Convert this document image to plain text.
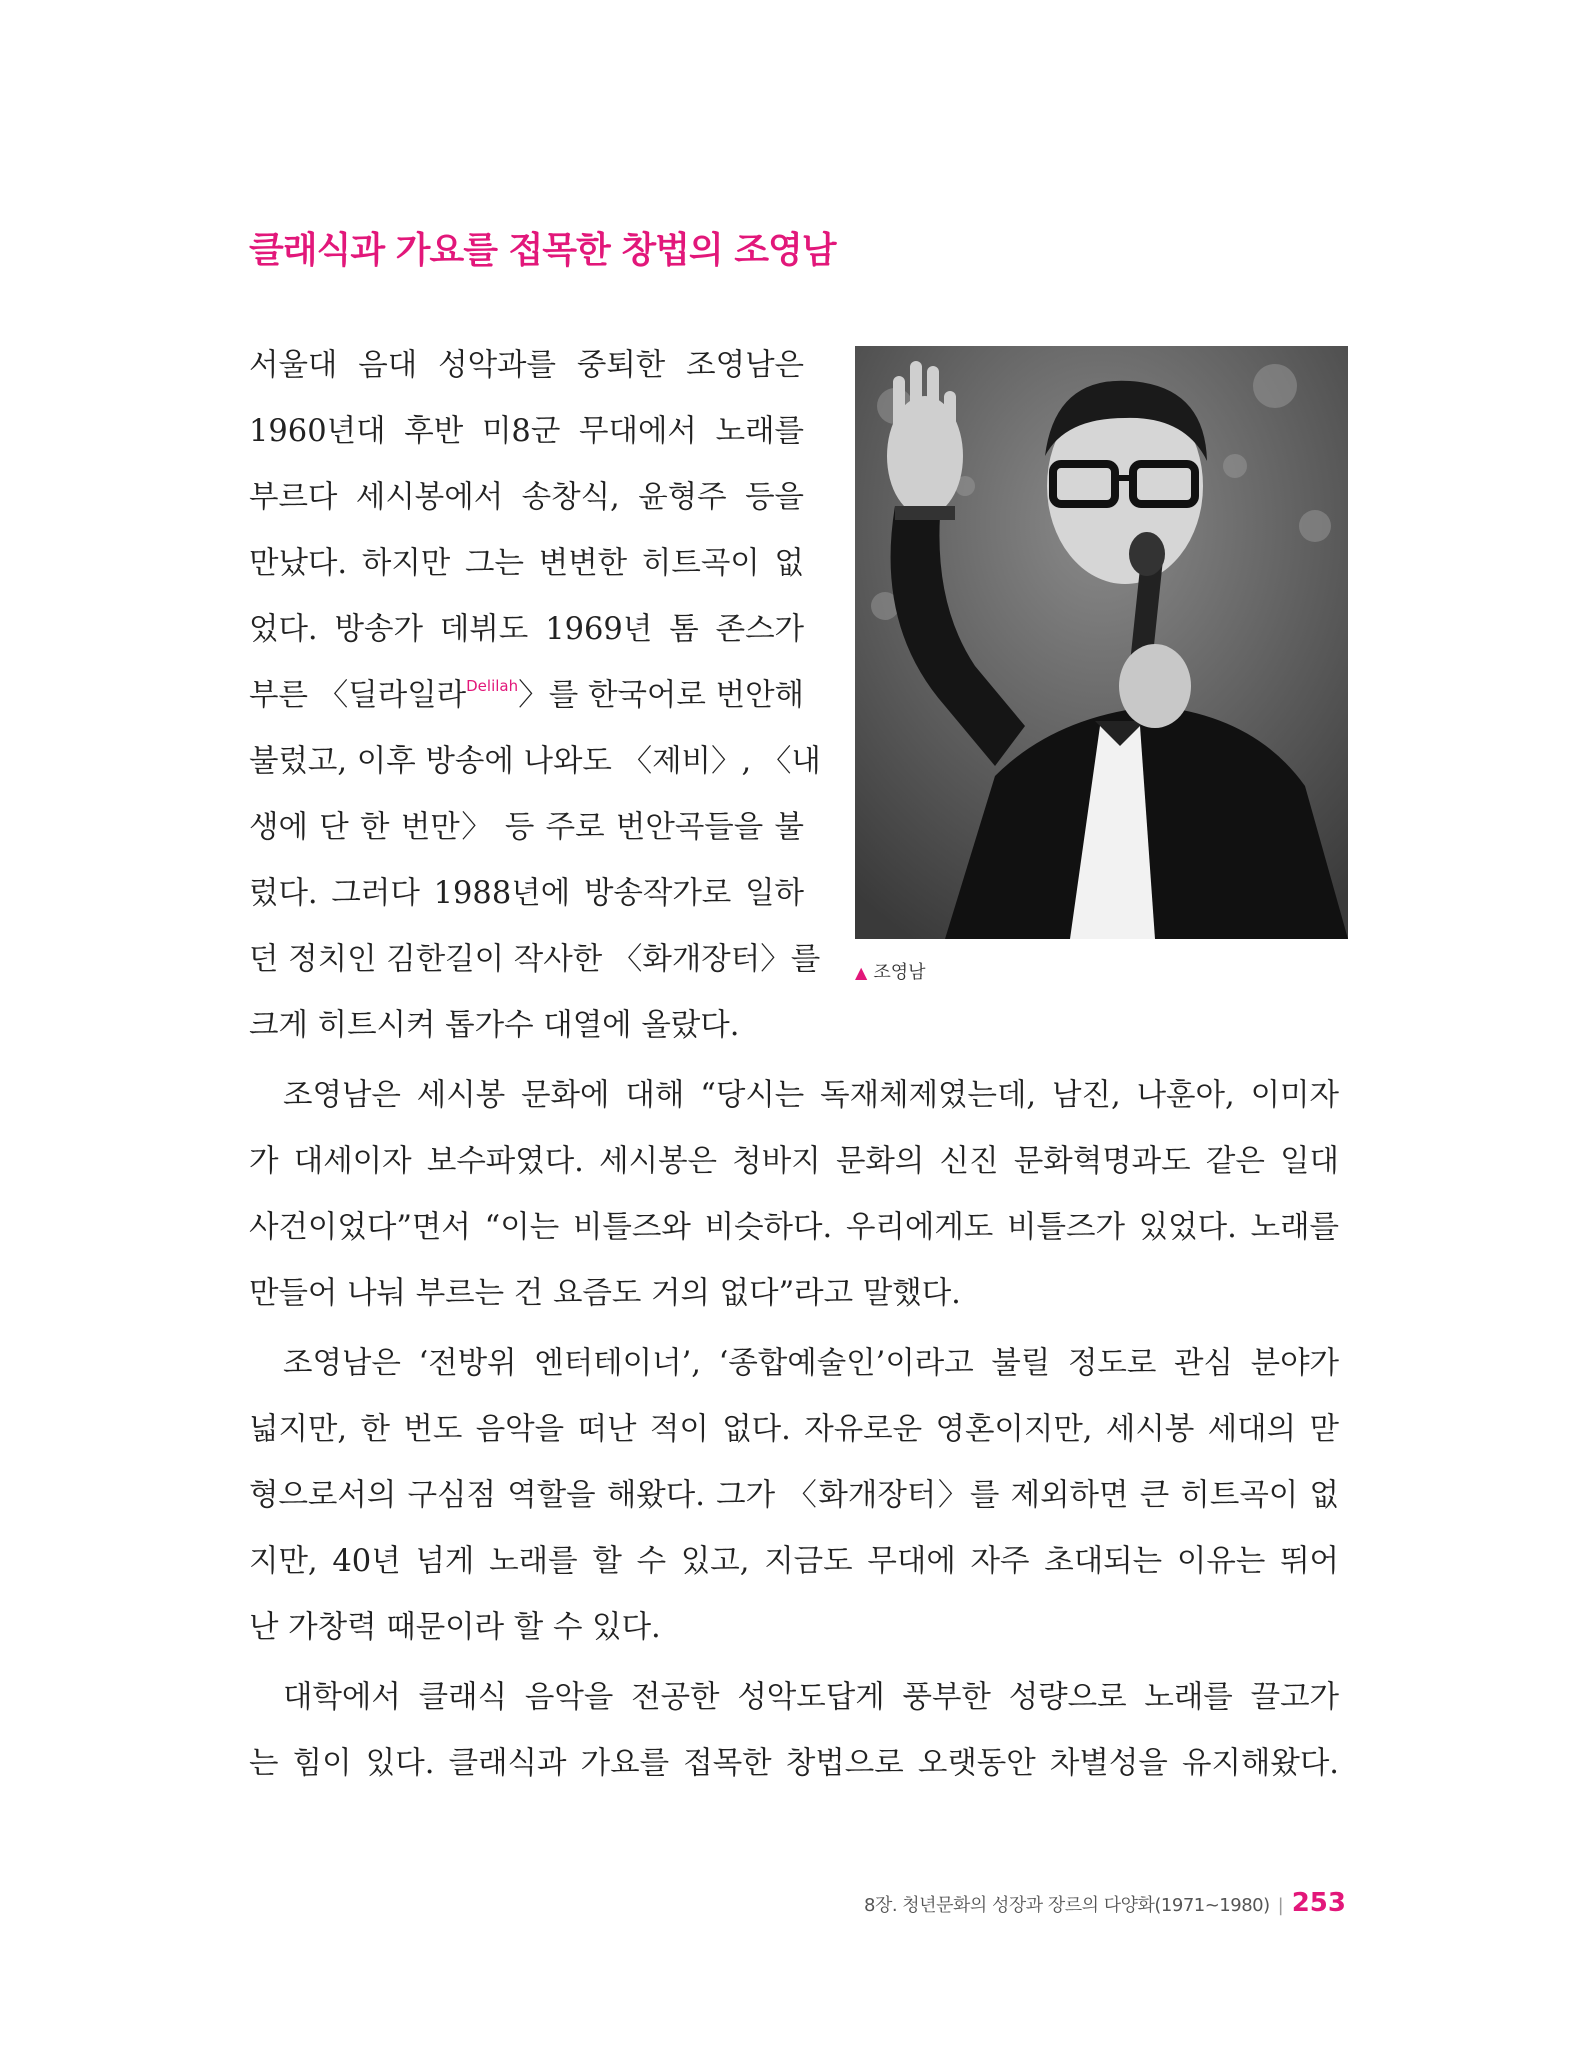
클래식과 가요를 접목한 창법의 조영남
서울대 음대 성악과를 중퇴한 조영남은
1960년대 후반 미8군 무대에서 노래를
부르다 세시봉에서 송창식, 윤형주 등을
만났다. 하지만 그는 변변한 히트곡이 없
었다. 방송가 데뷔도 1969년 톰 존스가
부른 〈딜라일라$^{Delilah}$〉를 한국어로 번안해
불렀고, 이후 방송에 나와도 〈제비〉, 〈내
생에 단 한 번만〉 등 주로 번안곡들을 불
렀다. 그러다 1988년에 방송작가로 일하
던 정치인 김한길이 작사한 〈화개장터〉를
크게 히트시켜 톱가수 대열에 올랐다.
▲ 조영남
조영남은 세시봉 문화에 대해 “당시는 독재체제였는데, 남진, 나훈아, 이미자
가 대세이자 보수파였다. 세시봉은 청바지 문화의 신진 문화혁명과도 같은 일대
사건이었다”면서 “이는 비틀즈와 비슷하다. 우리에게도 비틀즈가 있었다. 노래를
만들어 나눠 부르는 건 요즘도 거의 없다”라고 말했다.
조영남은 ‘전방위 엔터테이너’, ‘종합예술인’이라고 불릴 정도로 관심 분야가
넓지만, 한 번도 음악을 떠난 적이 없다. 자유로운 영혼이지만, 세시봉 세대의 맏
형으로서의 구심점 역할을 해왔다. 그가 〈화개장터〉를 제외하면 큰 히트곡이 없
지만, 40년 넘게 노래를 할 수 있고, 지금도 무대에 자주 초대되는 이유는 뛰어
난 가창력 때문이라 할 수 있다.
대학에서 클래식 음악을 전공한 성악도답게 풍부한 성량으로 노래를 끌고가
는 힘이 있다. 클래식과 가요를 접목한 창법으로 오랫동안 차별성을 유지해왔다.
8장. 청년문화의 성장과 장르의 다양화(1971~1980) | 253
